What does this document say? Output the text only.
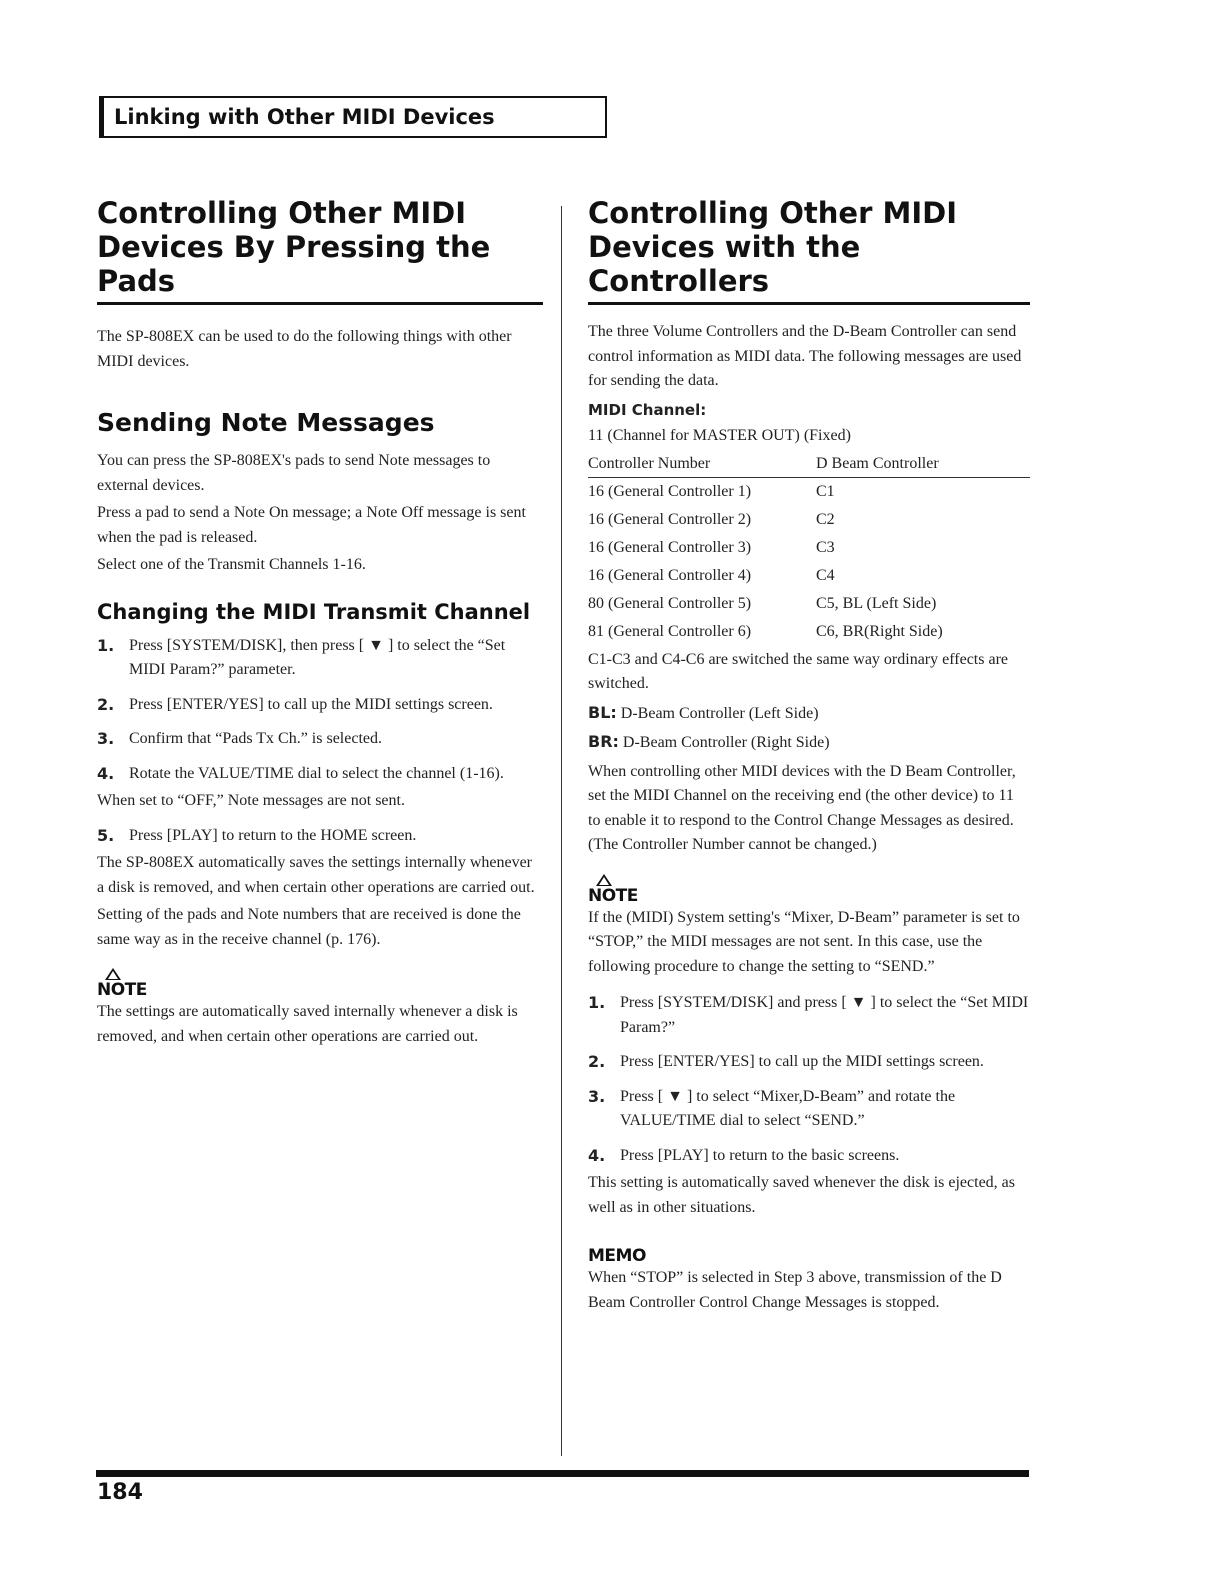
Linking with Other MIDI Devices
Controlling Other MIDI Devices By Pressing the Pads

The SP-808EX can be used to do the following things with other MIDI devices.

Sending Note Messages

You can press the SP-808EX's pads to send Note messages to external devices.

Press a pad to send a Note On message; a Note Off message is sent when the pad is released.

Select one of the Transmit Channels 1-16.

Changing the MIDI Transmit Channel
1. Press [SYSTEM/DISK], then press [ ▼ ] to select the “Set MIDI Param?” parameter.
2. Press [ENTER/YES] to call up the MIDI settings screen.
3. Confirm that “Pads Tx Ch.” is selected.
4. Rotate the VALUE/TIME dial to select the channel (1-16).

When set to “OFF,” Note messages are not sent.

5. Press [PLAY] to return to the HOME screen.

The SP-808EX automatically saves the settings internally whenever a disk is removed, and when certain other operations are carried out.

Setting of the pads and Note numbers that are received is done the same way as in the receive channel (p. 176).

NOTE

The settings are automatically saved internally whenever a disk is removed, and when certain other operations are carried out.

Controlling Other MIDI Devices with the Controllers

The three Volume Controllers and the D-Beam Controller can send control information as MIDI data. The following messages are used for sending the data.

MIDI Channel:

11 (Channel for MASTER OUT) (Fixed)

Controller Number	D Beam Controller
16 (General Controller 1)	C1
16 (General Controller 2)	C2
16 (General Controller 3)	C3
16 (General Controller 4)	C4
80 (General Controller 5)	C5, BL (Left Side)
81 (General Controller 6)	C6, BR(Right Side)

C1-C3 and C4-C6 are switched the same way ordinary effects are switched.

BL: D-Beam Controller (Left Side)

BR: D-Beam Controller (Right Side)

When controlling other MIDI devices with the D Beam Controller, set the MIDI Channel on the receiving end (the other device) to 11 to enable it to respond to the Control Change Messages as desired. (The Controller Number cannot be changed.)

NOTE

If the (MIDI) System setting's “Mixer, D-Beam” parameter is set to “STOP,” the MIDI messages are not sent. In this case, use the following procedure to change the setting to “SEND.”

1. Press [SYSTEM/DISK] and press [ ▼ ] to select the “Set MIDI Param?”
2. Press [ENTER/YES] to call up the MIDI settings screen.
3. Press [ ▼ ] to select “Mixer,D-Beam” and rotate the VALUE/TIME dial to select “SEND.”
4. Press [PLAY] to return to the basic screens.

This setting is automatically saved whenever the disk is ejected, as well as in other situations.

MEMO

When “STOP” is selected in Step 3 above, transmission of the D Beam Controller Control Change Messages is stopped.

184
